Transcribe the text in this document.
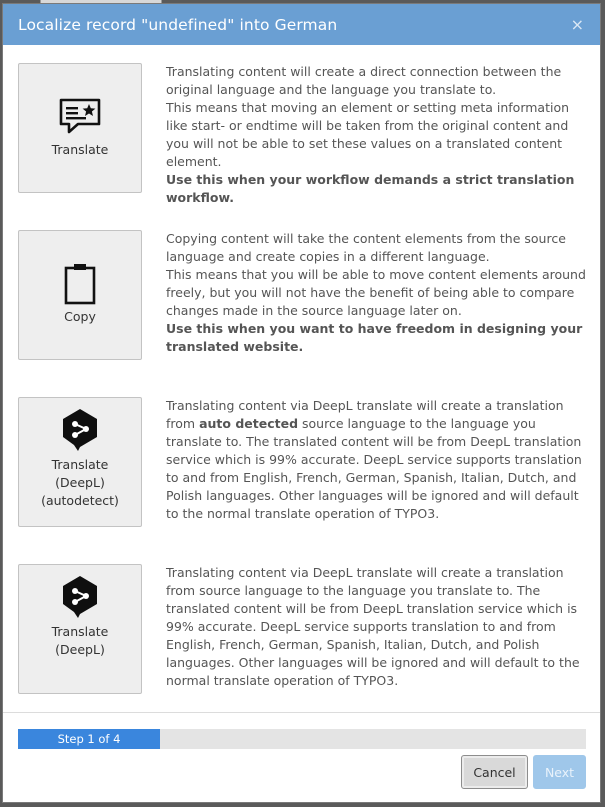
Localize record "undefined" into German	×
Translate

Translating content will create a direct connection between the original language and the language you translate to.

This means that moving an element or setting meta information like start- or endtime will be taken from the original content and you will not be able to set these values on a translated content element.

Use this when your workflow demands a strict translation workflow.

Copy

Copying content will take the content elements from the source language and create copies in a different language.

This means that you will be able to move content elements around freely, but you will not have the benefit of being able to compare changes made in the source language later on.

Use this when you want to have freedom in designing your translated website.

Translate
(DeepL)
(autodetect)

Translating content via DeepL translate will create a translation from auto detected source language to the language you translate to. The translated content will be from DeepL translation service which is 99% accurate. DeepL service supports translation to and from English, French, German, Spanish, Italian, Dutch, and Polish languages. Other languages will be ignored and will default to the normal translate operation of TYPO3.

Translate
(DeepL)

Translating content via DeepL translate will create a translation from source language to the language you translate to. The translated content will be from DeepL translation service which is 99% accurate. DeepL service supports translation to and from English, French, German, Spanish, Italian, Dutch, and Polish languages. Other languages will be ignored and will default to the normal translate operation of TYPO3.

Step 1 of 4
Cancel	Next
